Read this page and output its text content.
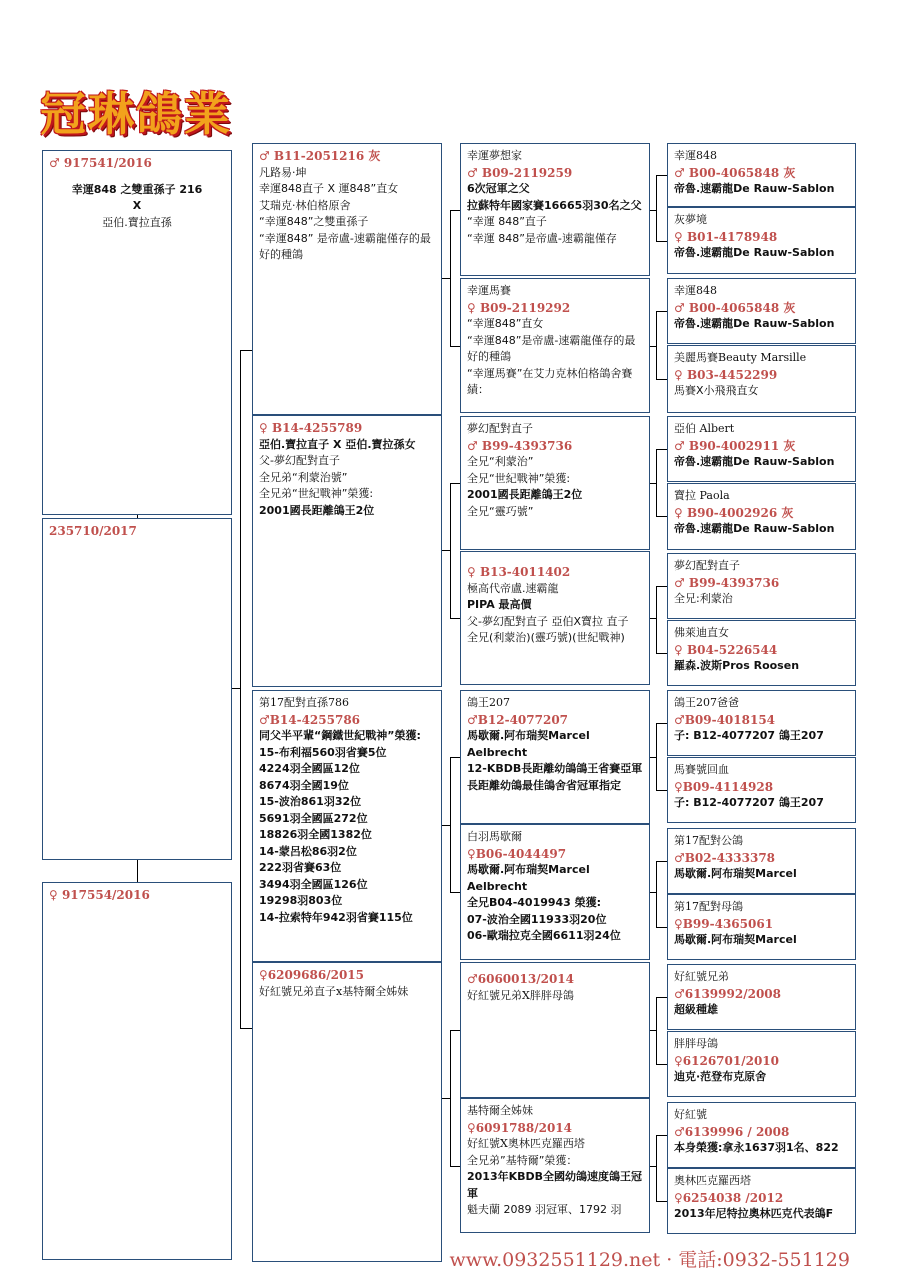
冠琳鴿業
♂ 917541/2016
幸運848 之雙重孫子 216
X
亞伯.寶拉直孫
235710/2017
♀ 917554/2016
♂ B11-2051216 灰
凡路易·坤
幸運848直子 X 運848”直女
艾瑞克·林伯格原舍
“幸運848”之雙重孫子
“幸運848” 是帝盧-速霸龍僅存的最好的種鴿
♀ B14-4255789
亞伯.寶拉直子 X 亞伯.寶拉孫女
父-夢幻配對直子
全兄弟“利蒙治號”
全兄弟“世紀戰神”榮獲:
2001國長距離鴿王2位
第17配對直孫786
♂B14-4255786
同父半平輩“鋼鐵世紀戰神”榮獲:
15-布利福560羽省賽5位
4224羽全國區12位
8674羽全國19位
15-波治861羽32位
5691羽全國區272位
18826羽全國1382位
14-蒙呂松86羽2位
222羽省賽63位
3494羽全國區126位
19298羽803位
14-拉索特年942羽省賽115位
♀6209686/2015
好紅號兄弟直子x基特爾全姊妹
幸運夢想家
♂ B09-2119259
6次冠軍之父
拉蘇特年國家賽16665羽30名之父
“幸運 848”直子
“幸運 848”是帝盧-速霸龍僅存
幸運馬賽
♀ B09-2119292
“幸運848”直女
“幸運848”是帝盧-速霸龍僅存的最好的種鴿
“幸運馬賽”在艾力克林伯格鴿舍賽績：
夢幻配對直子
♂ B99-4393736
全兄“利蒙治”
全兄“世紀戰神”榮獲:
2001國長距離鴿王2位
全兄“靈巧號”
♀ B13-4011402
極高代帝盧.速霸龍
PIPA 最高價
父-夢幻配對直子 亞伯X寶拉 直子
全兄(利蒙治)(靈巧號)(世紀戰神)
鴿王207
♂B12-4077207
馬歇爾.阿布瑞契Marcel Aelbrecht
12-KBDB長距離幼鴿鴿王省賽亞軍
長距離幼鴿最佳鴿舍省冠軍指定
白羽馬歇爾
♀B06-4044497
馬歇爾.阿布瑞契Marcel Aelbrecht
全兄B04-4019943 榮獲:
07-波治全國11933羽20位
06-歐瑞拉克全國6611羽24位
♂6060013/2014
好紅號兄弟X胖胖母鴿
基特爾全姊妹
♀6091788/2014
好紅號X奧林匹克羅西塔
全兄弟”基特爾”榮獲：
2013年KBDB全國幼鴿速度鴿王冠軍
魁夫蘭 2089 羽冠軍、1792 羽
幸運848
♂ B00-4065848 灰
帝魯.速霸龍De Rauw-Sablon
灰夢境
♀ B01-4178948
帝魯.速霸龍De Rauw-Sablon
幸運848
♂ B00-4065848 灰
帝魯.速霸龍De Rauw-Sablon
美麗馬賽Beauty Marsille
♀ B03-4452299
馬賽X小飛飛直女
亞伯 Albert
♂ B90-4002911 灰
帝魯.速霸龍De Rauw-Sablon
寶拉 Paola
♀ B90-4002926 灰
帝魯.速霸龍De Rauw-Sablon
夢幻配對直子
♂ B99-4393736
全兄:利蒙治
佛萊迪直女
♀ B04-5226544
羅森.波斯Pros Roosen
鴿王207爸爸
♂B09-4018154
子: B12-4077207 鴿王207
馬賽號回血
♀B09-4114928
子: B12-4077207 鴿王207
第17配對公鴿
♂B02-4333378
馬歇爾.阿布瑞契Marcel
第17配對母鴿
♀B99-4365061
馬歇爾.阿布瑞契Marcel
好紅號兄弟
♂6139992/2008
超級種雄
胖胖母鴿
♀6126701/2010
迪克·范登布克原舍
好紅號
♂6139996 / 2008
本身榮獲:拿永1637羽1名、822
奧林匹克羅西塔
♀6254038 /2012
2013年尼特拉奧林匹克代表鴿F
www.0932551129.net · 電話:0932-551129
